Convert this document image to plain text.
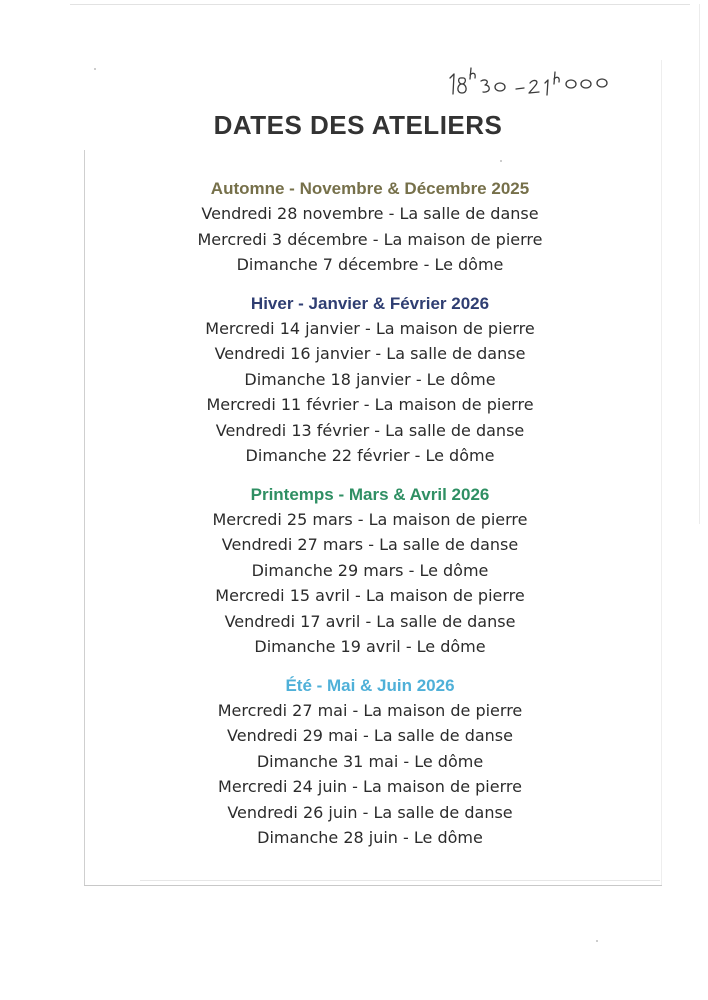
DATES DES ATELIERS
Automne - Novembre & Décembre 2025
Vendredi 28 novembre - La salle de danse
Mercredi 3 décembre - La maison de pierre
Dimanche 7 décembre - Le dôme
Hiver - Janvier & Février 2026
Mercredi 14 janvier - La maison de pierre
Vendredi 16 janvier - La salle de danse
Dimanche 18 janvier - Le dôme
Mercredi 11 février - La maison de pierre
Vendredi 13 février - La salle de danse
Dimanche 22 février - Le dôme
Printemps - Mars & Avril 2026
Mercredi 25 mars - La maison de pierre
Vendredi 27 mars - La salle de danse
Dimanche 29 mars - Le dôme
Mercredi 15 avril - La maison de pierre
Vendredi 17 avril - La salle de danse
Dimanche 19 avril - Le dôme
Été - Mai & Juin 2026
Mercredi 27 mai - La maison de pierre
Vendredi 29 mai - La salle de danse
Dimanche 31 mai - Le dôme
Mercredi 24 juin - La maison de pierre
Vendredi 26 juin - La salle de danse
Dimanche 28 juin - Le dôme
